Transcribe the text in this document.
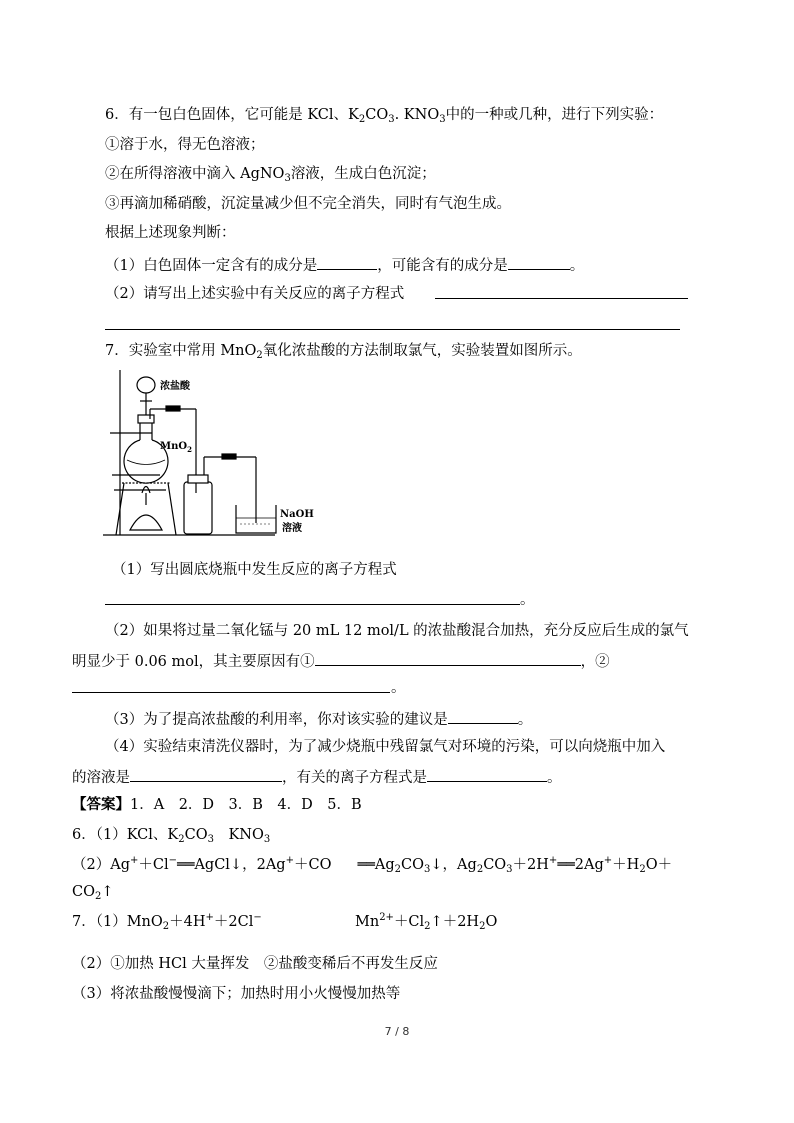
6．有一包白色固体，它可能是 KCl、$K_2CO_3$. $KNO_3$中的一种或几种，进行下列实验：
①溶于水，得无色溶液；
②在所得溶液中滴入 AgNO$_3$溶液，生成白色沉淀；
③再滴加稀硝酸，沉淀量减少但不完全消失，同时有气泡生成。
根据上述现象判断：
（1）白色固体一定含有的成分是	，可能含有的成分是	。
（2）请写出上述实验中有关反应的离子方程式
7．实验室中常用 MnO$_2$氧化浓盐酸的方法制取氯气，实验装置如图所示。
浓盐酸
MnO$_2$
NaOH
溶液
（1）写出圆底烧瓶中发生反应的离子方程式
。
（2）如果将过量二氧化锰与 20 mL 12 mol/L 的浓盐酸混合加热，充分反应后生成的氯气
明显少于 0.06 mol，其主要原因有①	，②
。
（3）为了提高浓盐酸的利用率，你对该实验的建议是	。
（4）实验结束清洗仪器时，为了减少烧瓶中残留氯气对环境的污染，可以向烧瓶中加入
的溶液是	，有关的离子方程式是	。
【答案】1．A　2．D　3．B　4．D　5．B
6．（1）KCl、$K_2CO_3$　$KNO_3$
（2）Ag+＋Cl−══AgCl↓，2Ag+＋CO $══Ag_2CO_3↓$，$Ag_2CO_3+2H^+══2Ag^++H_2O+$
$CO_2↑$
7．（1）MnO$_2$＋4H+＋2Cl−	$Mn^{2+}+Cl_2↑+2H_2O$
（2）①加热 HCl 大量挥发　②盐酸变稀后不再发生反应
（3）将浓盐酸慢慢滴下；加热时用小火慢慢加热等
7 / 8
